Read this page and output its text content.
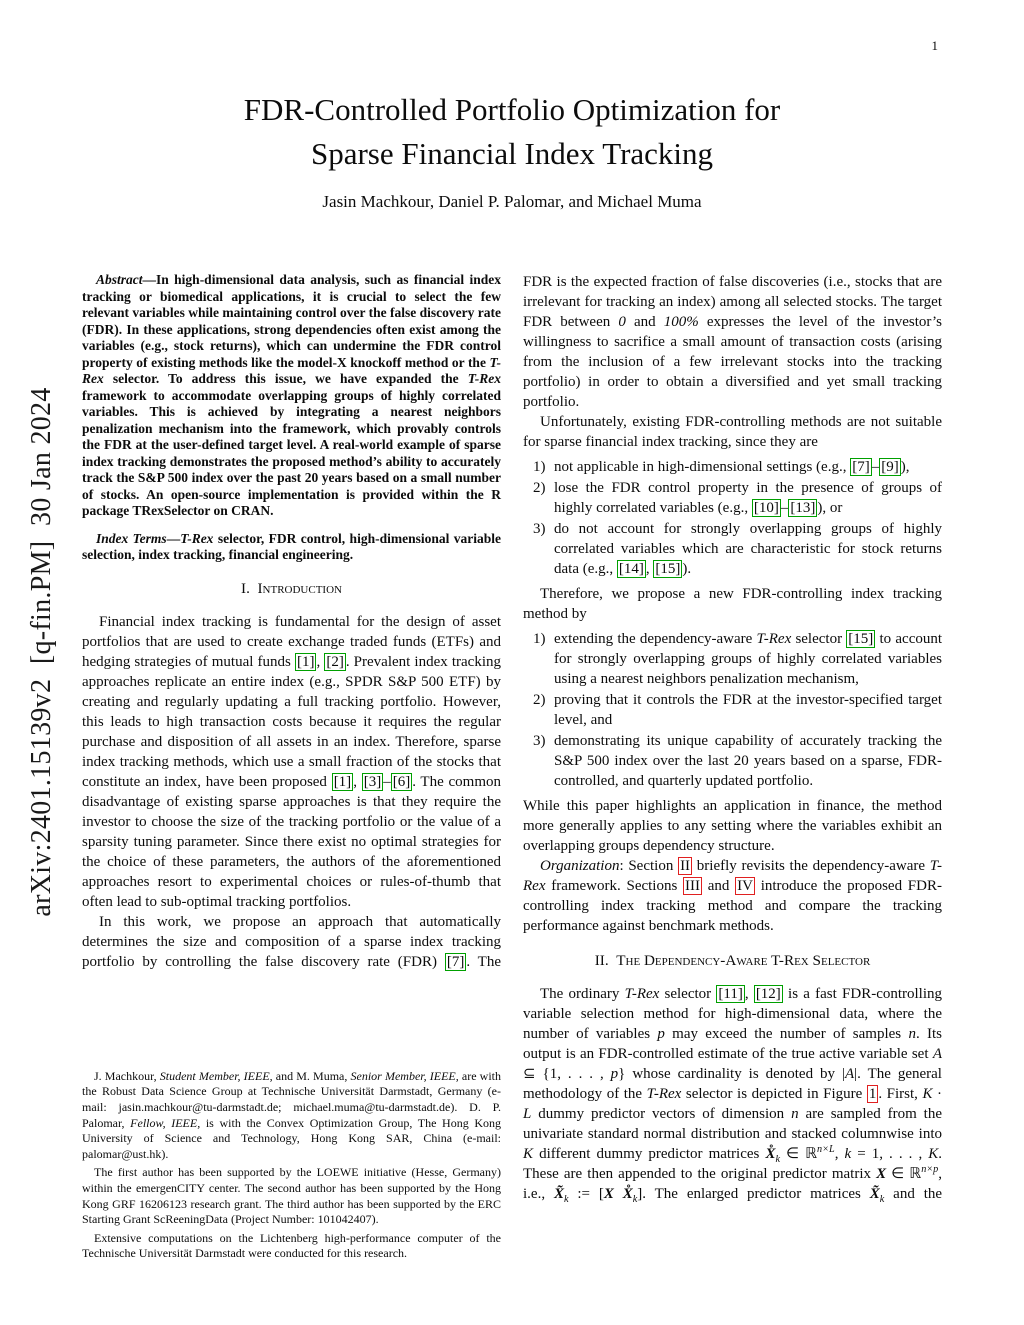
1
arXiv:2401.15139v2  [q-fin.PM]  30 Jan 2024
FDR-Controlled Portfolio Optimization for
Sparse Financial Index Tracking
Jasin Machkour, Daniel P. Palomar, and Michael Muma

Abstract—In high-dimensional data analysis, such as financial index tracking or biomedical applications, it is crucial to select the few relevant variables while maintaining control over the false discovery rate (FDR). In these applications, strong dependencies often exist among the variables (e.g., stock returns), which can undermine the FDR control property of existing methods like the model-X knockoff method or the T-Rex selector. To address this issue, we have expanded the T-Rex framework to accommodate overlapping groups of highly correlated variables. This is achieved by integrating a nearest neighbors penalization mechanism into the framework, which provably controls the FDR at the user-defined target level. A real-world example of sparse index tracking demonstrates the proposed method’s ability to accurately track the S&P 500 index over the past 20 years based on a small number of stocks. An open-source implementation is provided within the R package TRexSelector on CRAN.

Index Terms—T-Rex selector, FDR control, high-dimensional variable selection, index tracking, financial engineering.

I. Introduction

Financial index tracking is fundamental for the design of asset portfolios that are used to create exchange traded funds (ETFs) and hedging strategies of mutual funds [1] , [2] . Prevalent index tracking approaches replicate an entire index (e.g., SPDR S&P 500 ETF) by creating and regularly updating a full tracking portfolio. However, this leads to high transaction costs because it requires the regular purchase and disposition of all assets in an index. Therefore, sparse index tracking methods, which use a small fraction of the stocks that constitute an index, have been proposed [1] , [3] – [6] . The common disadvantage of existing sparse approaches is that they require the investor to choose the size of the tracking portfolio or the value of a sparsity tuning parameter. Since there exist no optimal strategies for the choice of these parameters, the authors of the aforementioned approaches resort to experimental choices or rules-of-thumb that often lead to sub-optimal tracking portfolios.

In this work, we propose an approach that automatically determines the size and composition of a sparse index tracking portfolio by controlling the false discovery rate (FDR) [7] . The

J. Machkour, Student Member, IEEE, and M. Muma, Senior Member, IEEE, are with the Robust Data Science Group at Technische Universität Darmstadt, Germany (e-mail: jasin.machkour@tu-darmstadt.de; michael.muma@tu-darmstadt.de). D. P. Palomar, Fellow, IEEE, is with the Convex Optimization Group, The Hong Kong University of Science and Technology, Hong Kong SAR, China (e-mail: palomar@ust.hk).

The first author has been supported by the LOEWE initiative (Hesse, Germany) within the emergenCITY center. The second author has been supported by the Hong Kong GRF 16206123 research grant. The third author has been supported by the ERC Starting Grant ScReeningData (Project Number: 101042407).

Extensive computations on the Lichtenberg high-performance computer of the Technische Universität Darmstadt were conducted for this research.

FDR is the expected fraction of false discoveries (i.e., stocks that are irrelevant for tracking an index) among all selected stocks. The target FDR between 0 and 100% expresses the level of the investor’s willingness to sacrifice a small amount of transaction costs (arising from the inclusion of a few irrelevant stocks into the tracking portfolio) in order to obtain a diversified and yet small tracking portfolio.

Unfortunately, existing FDR-controlling methods are not suitable for sparse financial index tracking, since they are

1) not applicable in high-dimensional settings (e.g., [7] – [9] ),
2) lose the FDR control property in the presence of groups of highly correlated variables (e.g., [10] – [13] ), or
3) do not account for strongly overlapping groups of highly correlated variables which are characteristic for stock returns data (e.g., [14] , [15] ).

Therefore, we propose a new FDR-controlling index tracking method by

1) extending the dependency-aware T-Rex selector [15] to account for strongly overlapping groups of highly correlated variables using a nearest neighbors penalization mechanism,
2) proving that it controls the FDR at the investor-specified target level, and
3) demonstrating its unique capability of accurately tracking the S&P 500 index over the last 20 years based on a sparse, FDR-controlled, and quarterly updated portfolio.

While this paper highlights an application in finance, the method more generally applies to any setting where the variables exhibit an overlapping groups dependency structure.

Organization: Section II briefly revisits the dependency-aware T-Rex framework. Sections III and IV introduce the proposed FDR-controlling index tracking method and compare the tracking performance against benchmark methods.

II. The Dependency-Aware T-Rex Selector

The ordinary T-Rex selector [11] , [12] is a fast FDR-controlling variable selection method for high-dimensional data, where the number of variables p may exceed the number of samples n. Its output is an FDR-controlled estimate of the true active variable set A ⊆ {1, . . . , p} whose cardinality is denoted by |A|. The general methodology of the T-Rex selector is depicted in Figure 1 . First, K · L dummy predictor vectors of dimension n are sampled from the univariate standard normal distribution and stacked columnwise into K different dummy predictor matrices $X̊_k$ ∈ ℝ$^{n\times L}$, k = 1, . . . , K. These are then appended to the original predictor matrix X ∈ ℝ$^{n\times p}$, i.e., $X̃_k$ := [X $X̊_k$]. The enlarged predictor matrices $X̃_k$ and the
